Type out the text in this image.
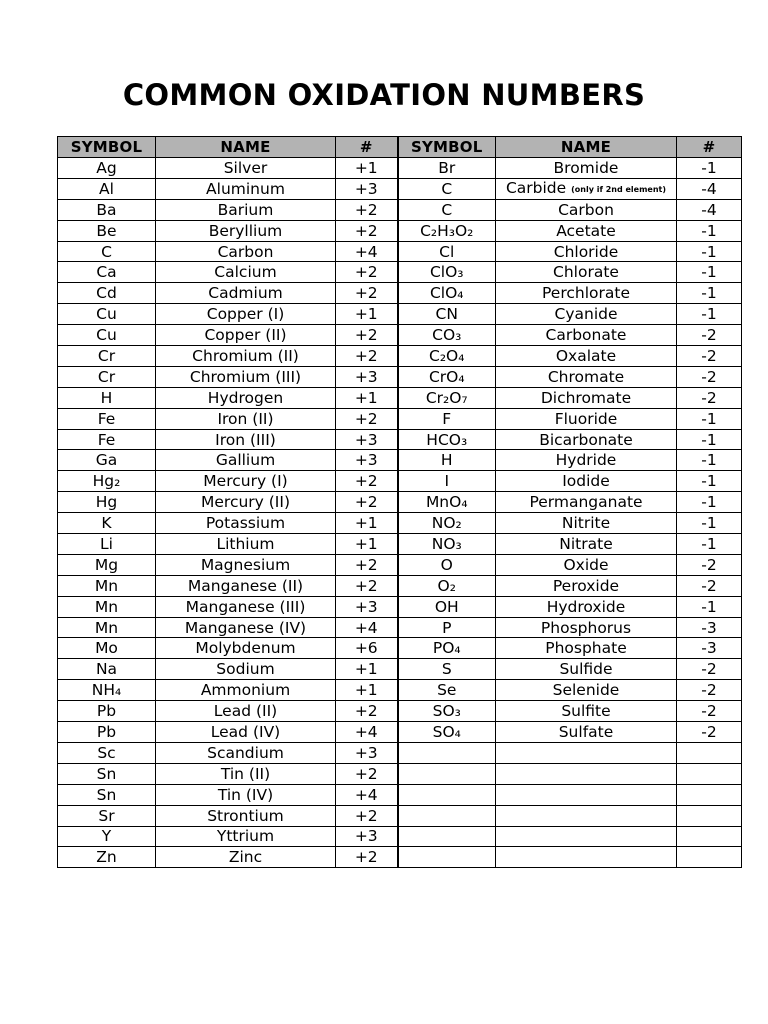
COMMON OXIDATION NUMBERS
SYMBOL	NAME	#	SYMBOL	NAME	#
Ag	Silver	+1	Br	Bromide	-1
Al	Aluminum	+3	C	Carbide (only if 2nd element)	-4
Ba	Barium	+2	C	Carbon	-4
Be	Beryllium	+2	C₂H₃O₂	Acetate	-1
C	Carbon	+4	Cl	Chloride	-1
Ca	Calcium	+2	ClO₃	Chlorate	-1
Cd	Cadmium	+2	ClO₄	Perchlorate	-1
Cu	Copper (I)	+1	CN	Cyanide	-1
Cu	Copper (II)	+2	CO₃	Carbonate	-2
Cr	Chromium (II)	+2	C₂O₄	Oxalate	-2
Cr	Chromium (III)	+3	CrO₄	Chromate	-2
H	Hydrogen	+1	Cr₂O₇	Dichromate	-2
Fe	Iron (II)	+2	F	Fluoride	-1
Fe	Iron (III)	+3	HCO₃	Bicarbonate	-1
Ga	Gallium	+3	H	Hydride	-1
Hg₂	Mercury (I)	+2	I	Iodide	-1
Hg	Mercury (II)	+2	MnO₄	Permanganate	-1
K	Potassium	+1	NO₂	Nitrite	-1
Li	Lithium	+1	NO₃	Nitrate	-1
Mg	Magnesium	+2	O	Oxide	-2
Mn	Manganese (II)	+2	O₂	Peroxide	-2
Mn	Manganese (III)	+3	OH	Hydroxide	-1
Mn	Manganese (IV)	+4	P	Phosphorus	-3
Mo	Molybdenum	+6	PO₄	Phosphate	-3
Na	Sodium	+1	S	Sulfide	-2
NH₄	Ammonium	+1	Se	Selenide	-2
Pb	Lead (II)	+2	SO₃	Sulfite	-2
Pb	Lead (IV)	+4	SO₄	Sulfate	-2
Sc	Scandium	+3			
Sn	Tin (II)	+2			
Sn	Tin (IV)	+4			
Sr	Strontium	+2			
Y	Yttrium	+3			
Zn	Zinc	+2			
